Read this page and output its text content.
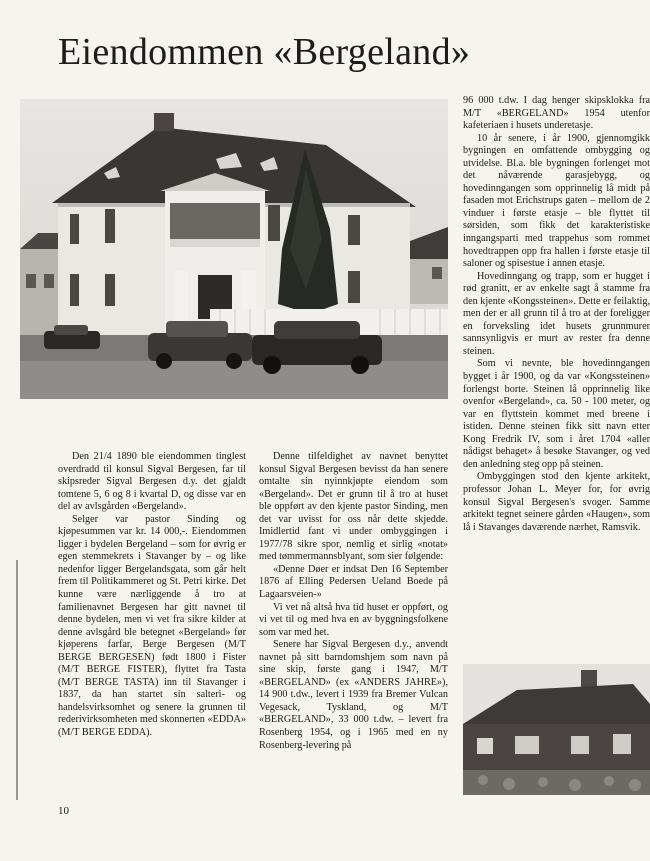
Eiendommen «Bergeland»

Den 21/4 1890 ble eiendommen tinglest overdradd til konsul Sigval Bergesen, far til skipsreder Sigval Bergesen d.y. det gjaldt tomtene 5, 6 og 8 i kvartal D, og disse var en del av avlsgården «Bergeland».

Selger var pastor Sinding og kjøpesummen var kr. 14 000,-. Eiendommen ligger i bydelen Bergeland – som for øvrig er egen stemmekrets i Stavanger by – og like nedenfor ligger Bergelandsgata, som går helt frem til Politikammeret og St. Petri kirke. Det kunne være nærliggende å tro at familienavnet Bergesen har gitt navnet til denne bydelen, men vi vet fra sikre kilder at denne avlsgård ble betegnet «Bergeland» før kjøperens farfar, Berge Bergesen (M/T BERGE BERGESEN) født 1800 i Fister (M/T BERGE FISTER), flyttet fra Tasta (M/T BERGE TASTA) inn til Stavanger i 1837, da han startet sin salteri- og handelsvirksomhet og senere la grunnen til rederivirksomheten med skonnerten «EDDA» (M/T BERGE EDDA).

Denne tilfeldighet av navnet benyttet konsul Sigval Bergesen bevisst da han senere omtalte sin nyinnkjøpte eiendom som «Bergeland». Det er grunn til å tro at huset ble oppført av den kjente pastor Sinding, men det var uvisst for oss når dette skjedde. Imidlertid fant vi under ombyggingen i 1977/78 sikre spor, nemlig et sirlig «notat» med tømmermannsblyant, som sier følgende:

«Denne Døer er indsat Den 16 September 1876 af Elling Pedersen Ueland Boede på Lagaarsveien-»

Vi vet nå altså hva tid huset er oppført, og vi vet til og med hva en av byggningsfolkene som var med het.

Senere har Sigval Bergesen d.y., anvendt navnet på sitt barndomshjem som navn på sine skip, første gang i 1947, M/T «BERGELAND» (ex «ANDERS JAHRE»), 14 900 t.dw., levert i 1939 fra Bremer Vulcan Vegesack, Tyskland, og M/T «BERGELAND», 33 000 t.dw. – levert fra Rosenberg 1954, og i 1965 med en ny Rosenberg-levering på

96 000 t.dw. I dag henger skipsklokka fra M/T «BERGELAND» 1954 utenfor kafeteriaen i husets underetasje.

10 år senere, i år 1900, gjennomgikk bygningen en omfattende ombygging og utvidelse. Bl.a. ble bygningen forlenget mot det nåværende garasjebygg, og hovedinngangen som opprinnelig lå midt på fasaden mot Erichstrups gaten – mellom de 2 vinduer i første etasje – ble flyttet til sørsiden, som fikk det karakteristiske inngangsparti med trappehus som rommet hovedtrappen opp fra hallen i første etasje til saloner og spisestue i annen etasje.

Hovedinngang og trapp, som er hugget i rød granitt, er av enkelte sagt å stamme fra den kjente «Kongssteinen». Dette er feilaktig, men der er all grunn til å tro at der foreligger en forveksling idet husets grunnmurer sannsynligvis er murt av rester fra denne steinen.

Som vi nevnte, ble hovedinngangen bygget i år 1900, og da var «Kongssteinen» forlengst borte. Steinen lå opprinnelig like ovenfor «Bergeland», ca. 50 - 100 meter, og var en flyttstein kommet med breene i istiden. Denne steinen fikk sitt navn etter Kong Fredrik IV, som i året 1704 «aller nådigst behaget» å besøke Stavanger, og ved den anledning steg opp på steinen.

Ombyggingen stod den kjente arkitekt, professor Johan L. Meyer for, for øvrig konsul Sigval Bergesen's svoger. Samme arkitekt tegnet seinere gården «Haugen», som lå i Stavanges daværende nærhet, Ramsvik.

10
